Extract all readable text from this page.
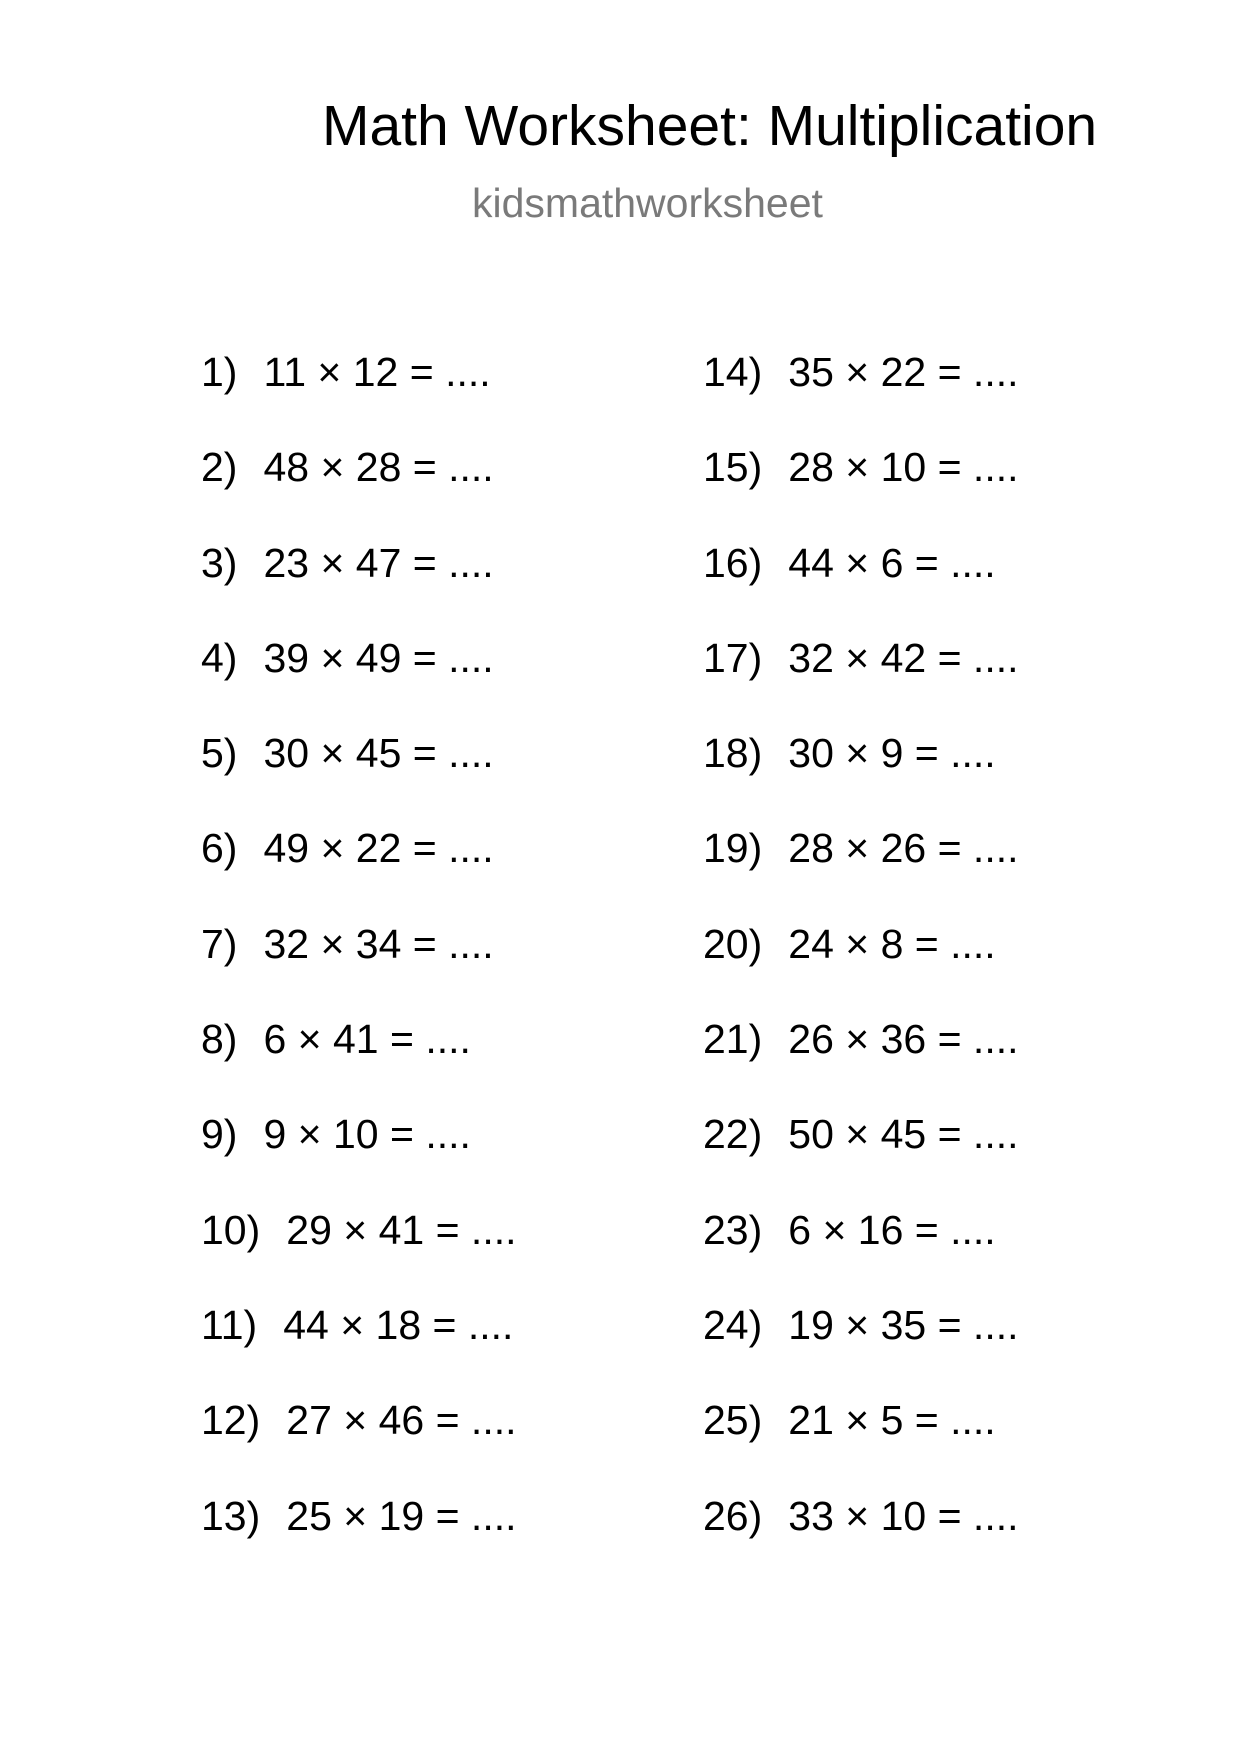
Math Worksheet: Multiplication
kidsmathworksheet
1) 11 × 12 = ....
2) 48 × 28 = ....
3) 23 × 47 = ....
4) 39 × 49 = ....
5) 30 × 45 = ....
6) 49 × 22 = ....
7) 32 × 34 = ....
8) 6 × 41 = ....
9) 9 × 10 = ....
10) 29 × 41 = ....
11) 44 × 18 = ....
12) 27 × 46 = ....
13) 25 × 19 = ....
14) 35 × 22 = ....
15) 28 × 10 = ....
16) 44 × 6 = ....
17) 32 × 42 = ....
18) 30 × 9 = ....
19) 28 × 26 = ....
20) 24 × 8 = ....
21) 26 × 36 = ....
22) 50 × 45 = ....
23) 6 × 16 = ....
24) 19 × 35 = ....
25) 21 × 5 = ....
26) 33 × 10 = ....
